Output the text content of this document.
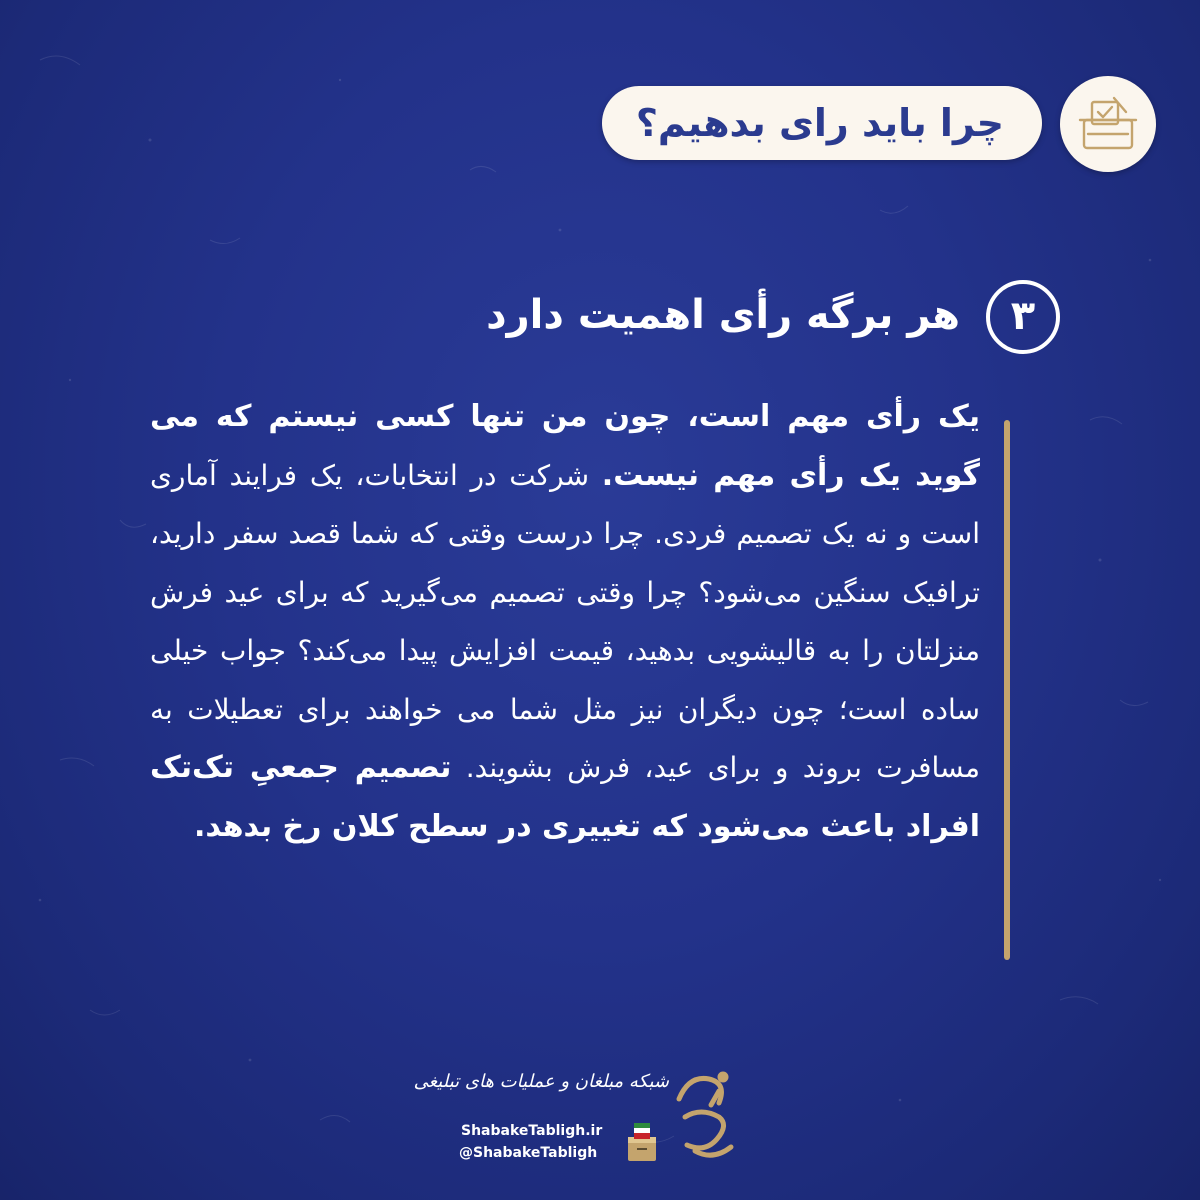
چرا باید رای بدهیم؟
۳
هر برگه رأی اهمیت دارد
یک رأی مهم است، چون من تنها کسی نیستم که می گوید یک رأی مهم نیست. شرکت در انتخابات، یک فرایند آماری است و نه یک تصمیم فردی. چرا درست وقتی که شما قصد سفر دارید، ترافیک سنگین می‌شود؟ چرا وقتی تصمیم می‌گیرید که برای عید فرش منزلتان را به قالیشویی بدهید، قیمت افزایش پیدا می‌کند؟ جواب خیلی ساده است؛ چون دیگران نیز مثل شما می خواهند برای تعطیلات به مسافرت بروند و برای عید، فرش بشویند. تصمیم جمعیِ تک‌تک افراد باعث می‌شود که تغییری در سطح کلان رخ بدهد.
شبکه مبلغان و عملیات های تبلیغی
ShabakeTabligh.ir
@ShabakeTabligh
